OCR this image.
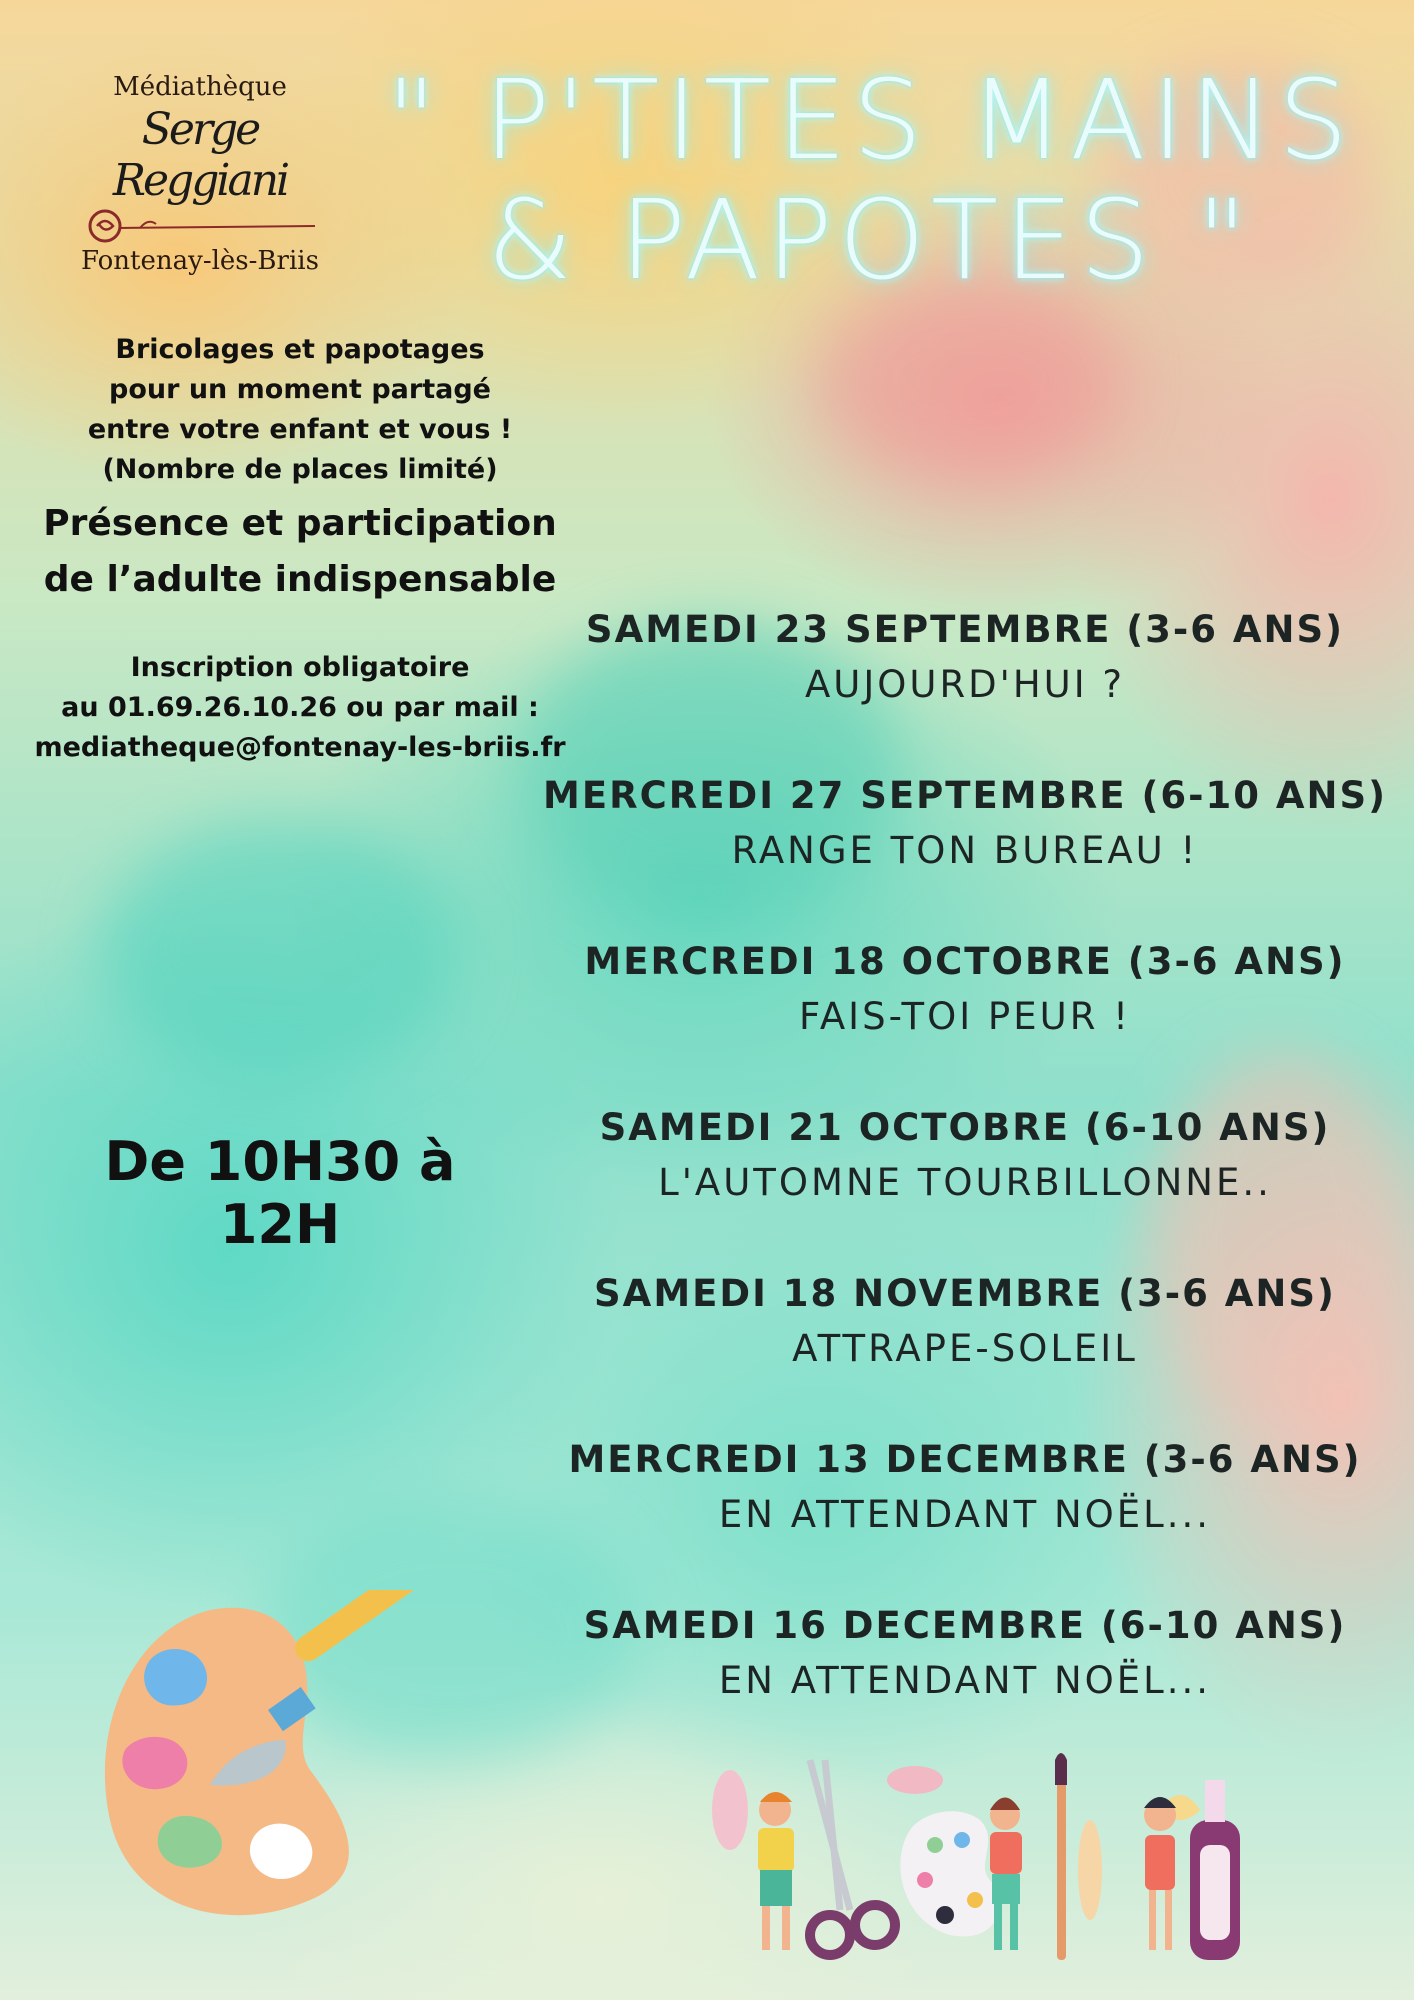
Médiathèque
Serge Reggiani
Fontenay-lès-Briis
" P'TITES MAINS
& PAPOTES "
Bricolages et papotages
pour un moment partagé
entre votre enfant et vous !
(Nombre de places limité)
Présence et participation
de l’adulte indispensable
Inscription obligatoire
au 01.69.26.10.26 ou par mail :
mediatheque@fontenay-les-briis.fr
De 10H30 à 12H
SAMEDI 23 SEPTEMBRE (3-6 ANS)
AUJOURD'HUI ?
MERCREDI 27 SEPTEMBRE (6-10 ANS)
RANGE TON BUREAU !
MERCREDI 18 OCTOBRE (3-6 ANS)
FAIS-TOI PEUR !
SAMEDI 21 OCTOBRE (6-10 ANS)
L'AUTOMNE TOURBILLONNE..
SAMEDI 18 NOVEMBRE (3-6 ANS)
ATTRAPE-SOLEIL
MERCREDI 13 DECEMBRE (3-6 ANS)
EN ATTENDANT NOËL...
SAMEDI 16 DECEMBRE (6-10 ANS)
EN ATTENDANT NOËL...
